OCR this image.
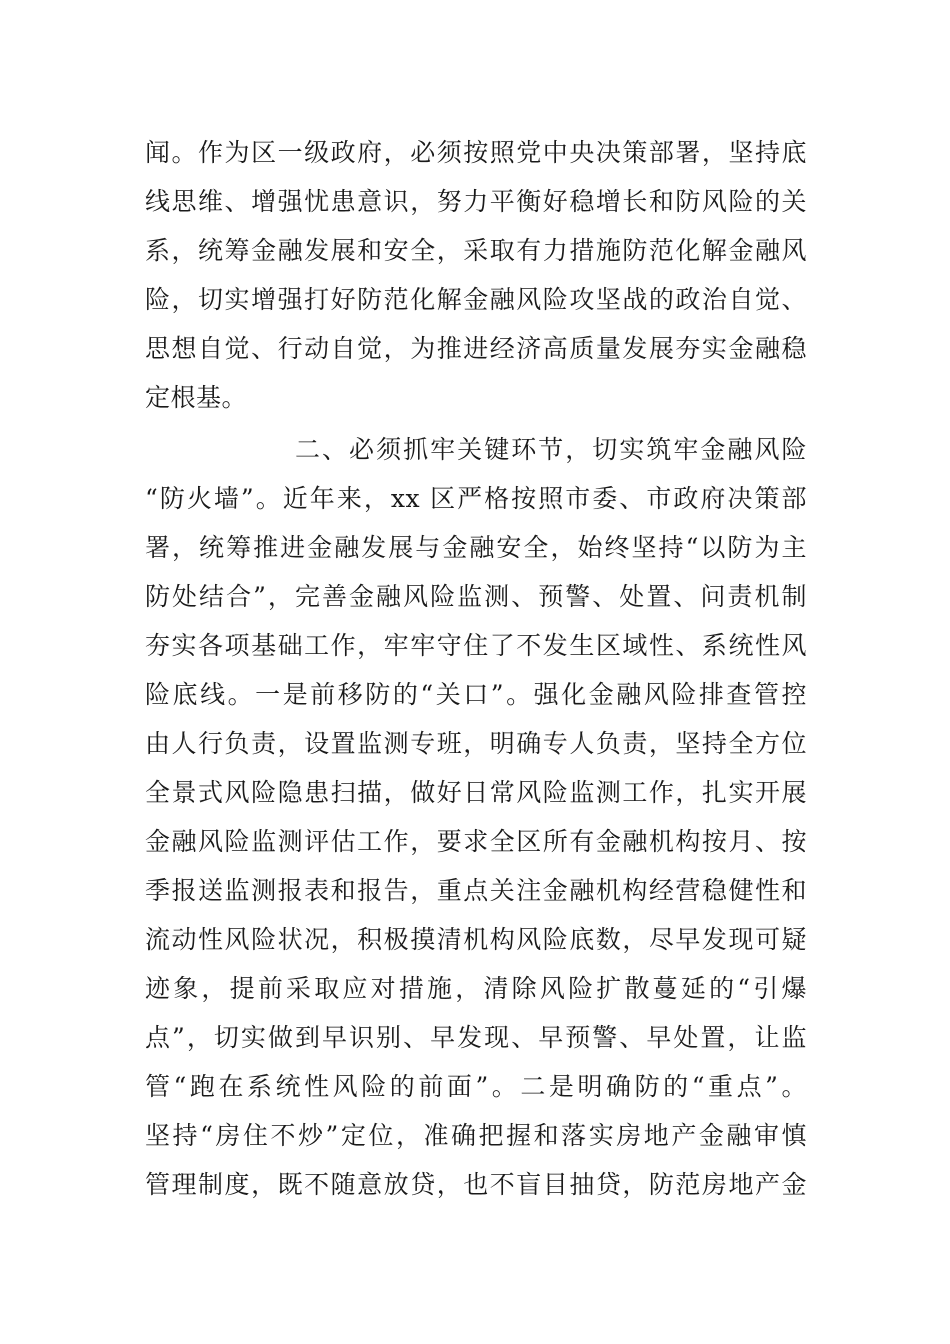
闻。作为区一级政府，必须按照党中央决策部署，坚持底
线思维、增强忧患意识，努力平衡好稳增长和防风险的关
系，统筹金融发展和安全，采取有力措施防范化解金融风
险，切实增强打好防范化解金融风险攻坚战的政治自觉、
思想自觉、行动自觉，为推进经济高质量发展夯实金融稳
定根基。
二、必须抓牢关键环节，切实筑牢金融风险
“防火墙”。近年来，xx 区严格按照市委、市政府决策部
署，统筹推进金融发展与金融安全，始终坚持“以防为主
防处结合”，完善金融风险监测、预警、处置、问责机制
夯实各项基础工作，牢牢守住了不发生区域性、系统性风
险底线。一是前移防的“关口”。强化金融风险排查管控
由人行负责，设置监测专班，明确专人负责，坚持全方位
全景式风险隐患扫描，做好日常风险监测工作，扎实开展
金融风险监测评估工作，要求全区所有金融机构按月、按
季报送监测报表和报告，重点关注金融机构经营稳健性和
流动性风险状况，积极摸清机构风险底数，尽早发现可疑
迹象，提前采取应对措施，清除风险扩散蔓延的“引爆
点”，切实做到早识别、早发现、早预警、早处置，让监
管“跑在系统性风险的前面”。二是明确防的“重点”。
坚持“房住不炒”定位，准确把握和落实房地产金融审慎
管理制度，既不随意放贷，也不盲目抽贷，防范房地产金
